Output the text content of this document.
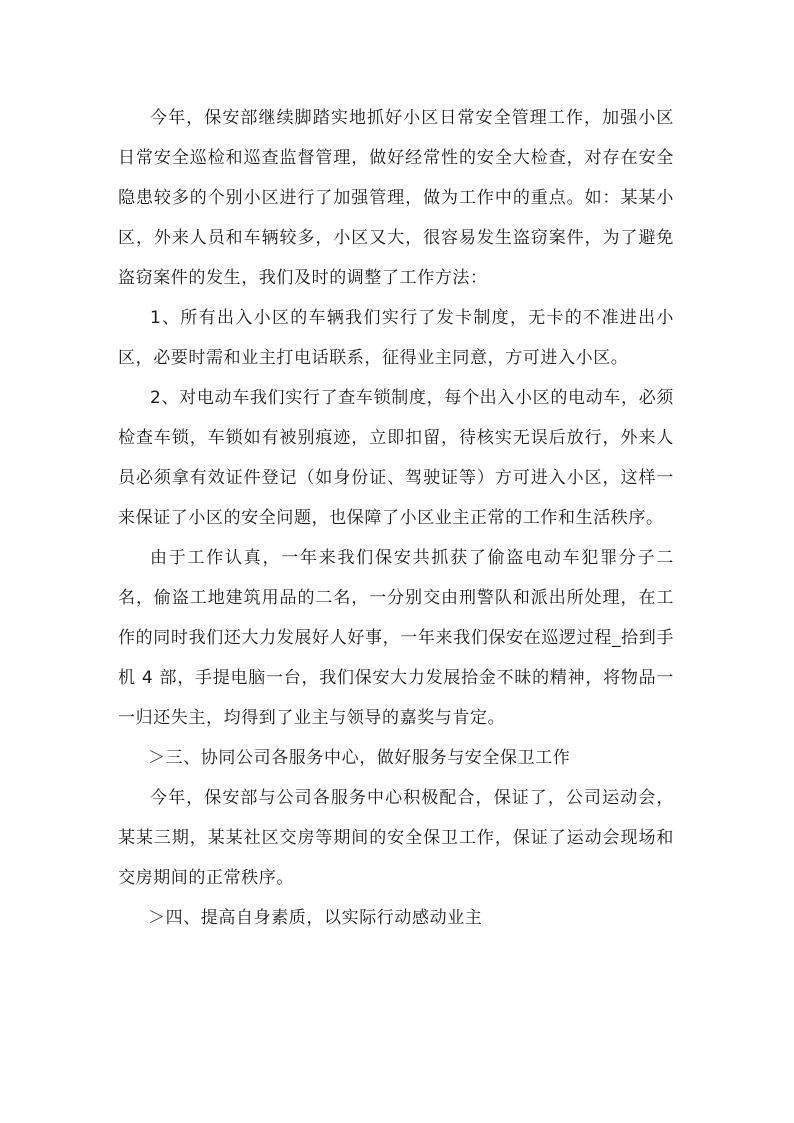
今年，保安部继续脚踏实地抓好小区日常安全管理工作，加强小区日常安全巡检和巡查监督管理，做好经常性的安全大检查，对存在安全隐患较多的个别小区进行了加强管理，做为工作中的重点。如：某某小区，外来人员和车辆较多，小区又大，很容易发生盗窃案件，为了避免盗窃案件的发生，我们及时的调整了工作方法：

1、所有出入小区的车辆我们实行了发卡制度，无卡的不准进出小区，必要时需和业主打电话联系，征得业主同意，方可进入小区。

2、对电动车我们实行了查车锁制度，每个出入小区的电动车，必须检查车锁，车锁如有被别痕迹，立即扣留，待核实无误后放行，外来人员必须拿有效证件登记（如身份证、驾驶证等）方可进入小区，这样一来保证了小区的安全问题，也保障了小区业主正常的工作和生活秩序。

由于工作认真，一年来我们保安共抓获了偷盗电动车犯罪分子二名，偷盗工地建筑用品的二名，一分别交由刑警队和派出所处理，在工作的同时我们还大力发展好人好事，一年来我们保安在巡逻过程_拾到手机 4 部，手提电脑一台，我们保安大力发展拾金不昧的精神，将物品一一归还失主，均得到了业主与领导的嘉奖与肯定。

＞三、协同公司各服务中心，做好服务与安全保卫工作

今年，保安部与公司各服务中心积极配合，保证了，公司运动会，某某三期，某某社区交房等期间的安全保卫工作，保证了运动会现场和交房期间的正常秩序。

＞四、提高自身素质，以实际行动感动业主
